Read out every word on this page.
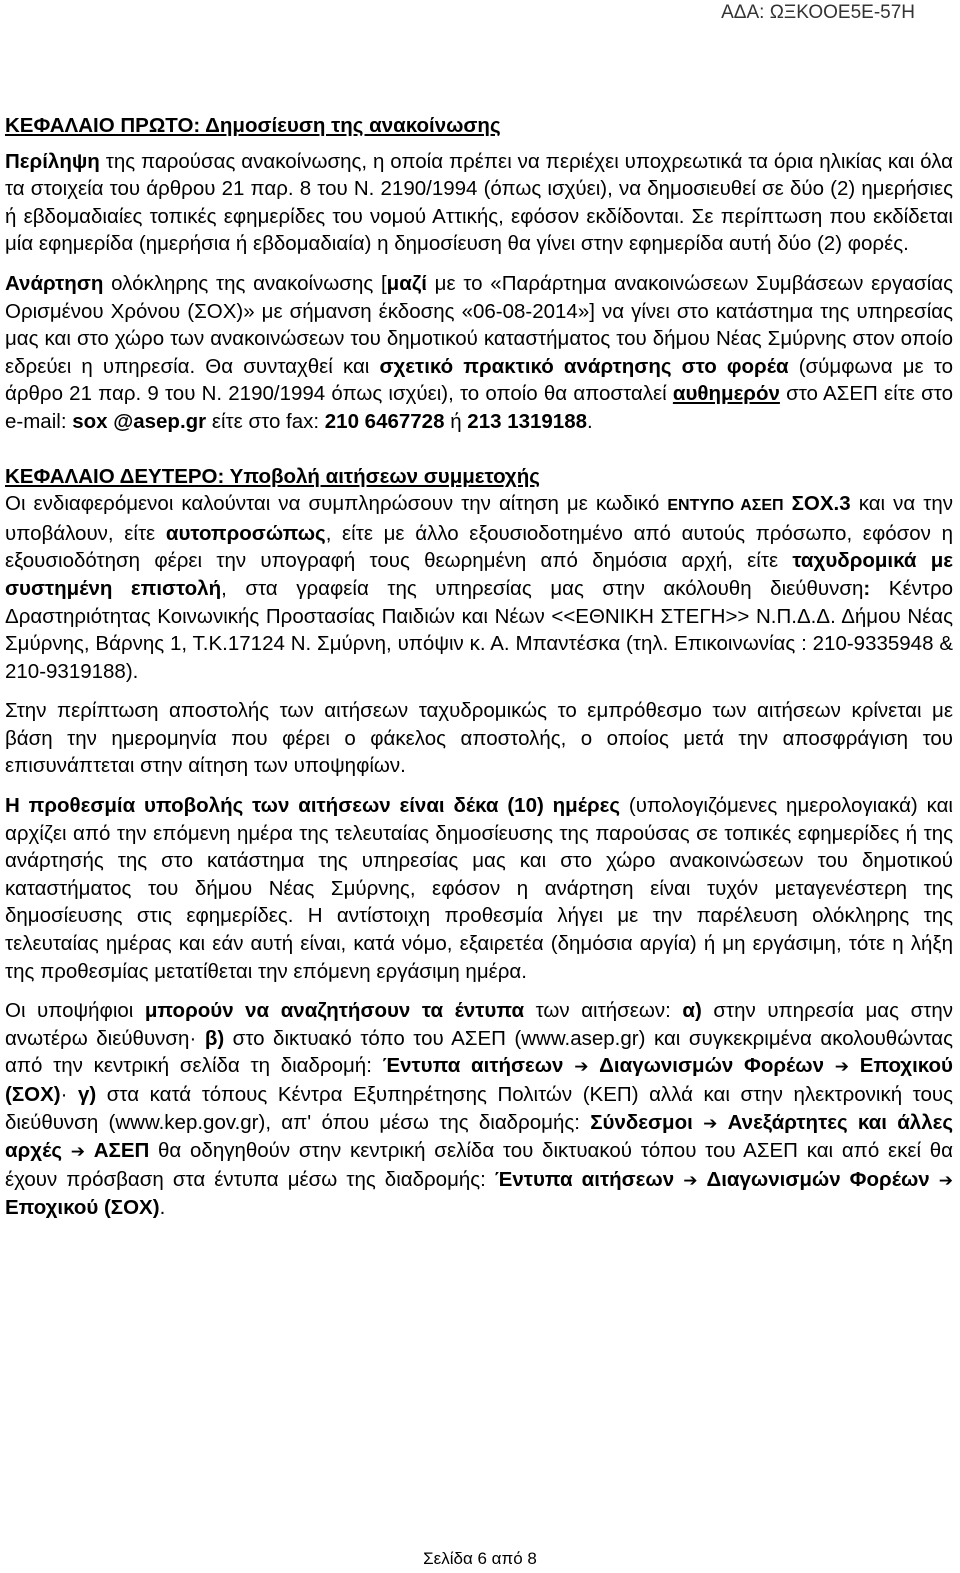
ΑΔΑ: ΩΞΚΟΟΕ5Ε-57Η

ΚΕΦΑΛΑΙΟ ΠΡΩΤΟ: Δημοσίευση της ανακοίνωσης

Περίληψη της παρούσας ανακοίνωσης, η οποία πρέπει να περιέχει υποχρεωτικά τα όρια ηλικίας και όλα τα στοιχεία του άρθρου 21 παρ. 8 του Ν. 2190/1994 (όπως ισχύει), να δημοσιευθεί σε δύο (2) ημερήσιες ή εβδομαδιαίες τοπικές εφημερίδες του νομού Αττικής, εφόσον εκδίδονται. Σε περίπτωση που εκδίδεται μία εφημερίδα (ημερήσια ή εβδομαδιαία) η δημοσίευση θα γίνει στην εφημερίδα αυτή δύο (2) φορές.

Ανάρτηση ολόκληρης της ανακοίνωσης [μαζί με το «Παράρτημα ανακοινώσεων Συμβάσεων εργασίας Ορισμένου Χρόνου (ΣΟΧ)» με σήμανση έκδοσης «06-08-2014»] να γίνει στο κατάστημα της υπηρεσίας μας και στο χώρο των ανακοινώσεων του δημοτικού καταστήματος του δήμου Νέας Σμύρνης στον οποίο εδρεύει η υπηρεσία. Θα συνταχθεί και σχετικό πρακτικό ανάρτησης στο φορέα (σύμφωνα με το άρθρο 21 παρ. 9 του Ν. 2190/1994 όπως ισχύει), το οποίο θα αποσταλεί αυθημερόν στο ΑΣΕΠ είτε στο e-mail: sox @asep.gr είτε στο fax: 210 6467728 ή 213 1319188.

ΚΕΦΑΛΑΙΟ ΔΕΥΤΕΡΟ: Υποβολή αιτήσεων συμμετοχής

Οι ενδιαφερόμενοι καλούνται να συμπληρώσουν την αίτηση με κωδικό ΕΝΤΥΠΟ ΑΣΕΠ ΣΟΧ.3 και να την υποβάλουν, είτε αυτοπροσώπως, είτε με άλλο εξουσιοδοτημένο από αυτούς πρόσωπο, εφόσον η εξουσιοδότηση φέρει την υπογραφή τους θεωρημένη από δημόσια αρχή, είτε ταχυδρομικά με συστημένη επιστολή, στα γραφεία της υπηρεσίας μας στην ακόλουθη διεύθυνση: Κέντρο Δραστηριότητας Κοινωνικής Προστασίας Παιδιών και Νέων <<ΕΘΝΙΚΗ ΣΤΕΓΗ>> Ν.Π.Δ.Δ. Δήμου Νέας Σμύρνης, Βάρνης 1, Τ.Κ.17124 Ν. Σμύρνη, υπόψιν κ. Α. Μπαντέσκα (τηλ. Επικοινωνίας : 210-9335948 & 210-9319188).

Στην περίπτωση αποστολής των αιτήσεων ταχυδρομικώς το εμπρόθεσμο των αιτήσεων κρίνεται με βάση την ημερομηνία που φέρει ο φάκελος αποστολής, ο οποίος μετά την αποσφράγιση του επισυνάπτεται στην αίτηση των υποψηφίων.

Η προθεσμία υποβολής των αιτήσεων είναι δέκα (10) ημέρες (υπολογιζόμενες ημερολογιακά) και αρχίζει από την επόμενη ημέρα της τελευταίας δημοσίευσης της παρούσας σε τοπικές εφημερίδες ή της ανάρτησής της στο κατάστημα της υπηρεσίας μας και στο χώρο ανακοινώσεων του δημοτικού καταστήματος του δήμου Νέας Σμύρνης, εφόσον η ανάρτηση είναι τυχόν μεταγενέστερη της δημοσίευσης στις εφημερίδες. Η αντίστοιχη προθεσμία λήγει με την παρέλευση ολόκληρης της τελευταίας ημέρας και εάν αυτή είναι, κατά νόμο, εξαιρετέα (δημόσια αργία) ή μη εργάσιμη, τότε η λήξη της προθεσμίας μετατίθεται την επόμενη εργάσιμη ημέρα.

Οι υποψήφιοι μπορούν να αναζητήσουν τα έντυπα των αιτήσεων: α) στην υπηρεσία μας στην ανωτέρω διεύθυνση· β) στο δικτυακό τόπο του ΑΣΕΠ (www.asep.gr) και συγκεκριμένα ακολουθώντας από την κεντρική σελίδα τη διαδρομή: Έντυπα αιτήσεων ➔ Διαγωνισμών Φορέων ➔ Εποχικού (ΣΟΧ)· γ) στα κατά τόπους Κέντρα Εξυπηρέτησης Πολιτών (ΚΕΠ) αλλά και στην ηλεκτρονική τους διεύθυνση (www.kep.gov.gr), απ' όπου μέσω της διαδρομής: Σύνδεσμοι ➔ Ανεξάρτητες και άλλες αρχές ➔ ΑΣΕΠ θα οδηγηθούν στην κεντρική σελίδα του δικτυακού τόπου του ΑΣΕΠ και από εκεί θα έχουν πρόσβαση στα έντυπα μέσω της διαδρομής: Έντυπα αιτήσεων ➔ Διαγωνισμών Φορέων ➔ Εποχικού (ΣΟΧ).

Σελίδα 6 από 8
